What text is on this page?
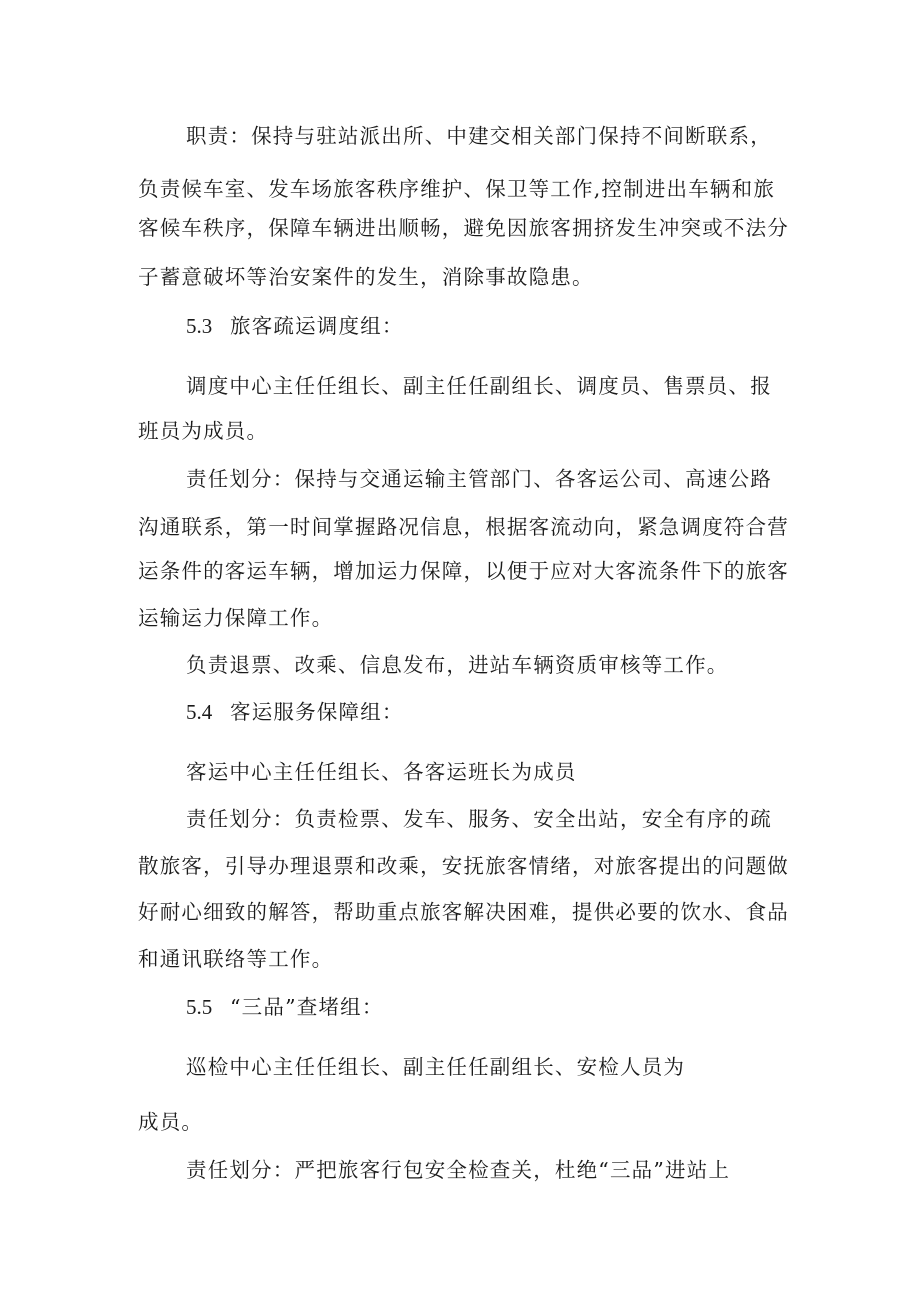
职责：保持与驻站派出所、中建交相关部门保持不间断联系，
负责候车室、发车场旅客秩序维护、保卫等工作,控制进出车辆和旅
客候车秩序，保障车辆进出顺畅，避免因旅客拥挤发生冲突或不法分
子蓄意破坏等治安案件的发生，消除事故隐患。
5.3 旅客疏运调度组：
调度中心主任任组长、副主任任副组长、调度员、售票员、报
班员为成员。
责任划分：保持与交通运输主管部门、各客运公司、高速公路
沟通联系，第一时间掌握路况信息，根据客流动向，紧急调度符合营
运条件的客运车辆，增加运力保障，以便于应对大客流条件下的旅客
运输运力保障工作。
负责退票、改乘、信息发布，进站车辆资质审核等工作。
5.4 客运服务保障组：
客运中心主任任组长、各客运班长为成员
责任划分：负责检票、发车、服务、安全出站，安全有序的疏
散旅客，引导办理退票和改乘，安抚旅客情绪，对旅客提出的问题做
好耐心细致的解答，帮助重点旅客解决困难，提供必要的饮水、食品
和通讯联络等工作。
5.5 “三品”查堵组：
巡检中心主任任组长、副主任任副组长、安检人员为
成员。
责任划分：严把旅客行包安全检查关，杜绝“三品”进站上
